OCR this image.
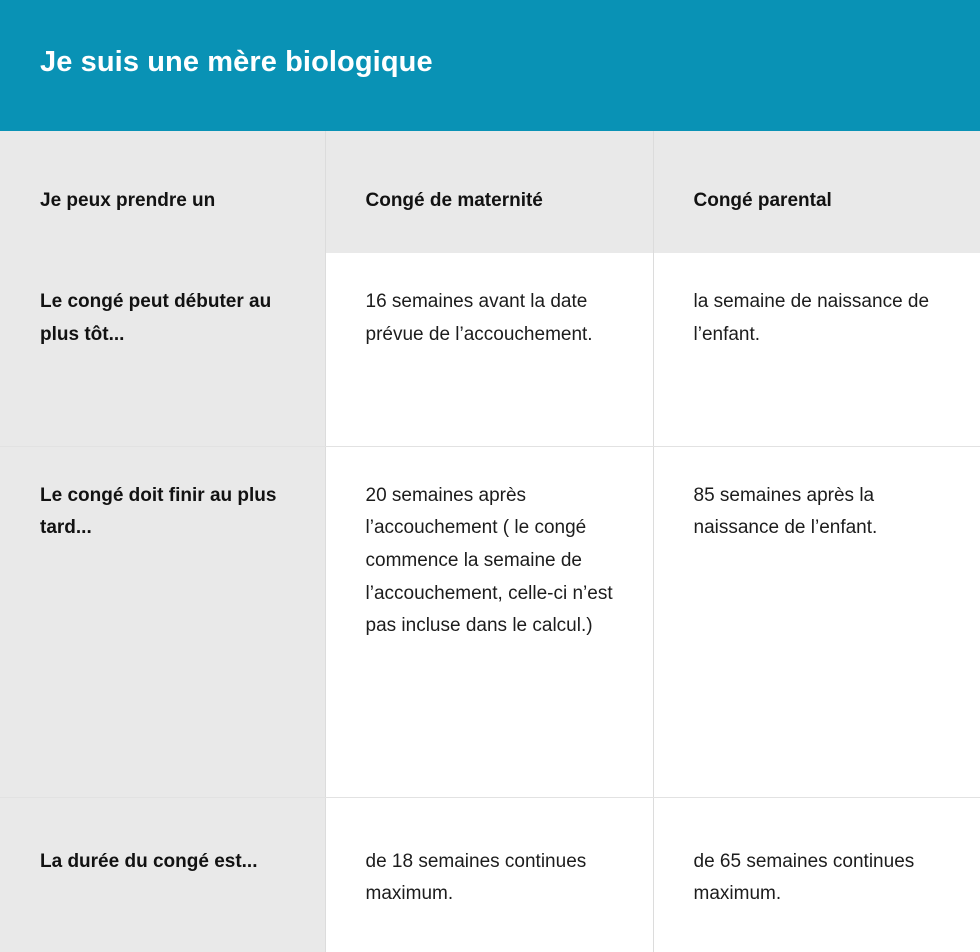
Je suis une mère biologique
Je peux prendre un	Congé de maternité	Congé parental
Le congé peut débuter au plus tôt...	16 semaines avant la date prévue de l’accouchement.	la semaine de naissance de l’enfant.

Le congé doit finir au plus tard...	20 semaines après l’accouchement ( le congé commence la semaine de l’accouchement, celle-ci n’est pas incluse dans le calcul.)	85 semaines après la naissance de l’enfant.

La durée du congé est...	de 18 semaines continues maximum.	de 65 semaines continues maximum.
